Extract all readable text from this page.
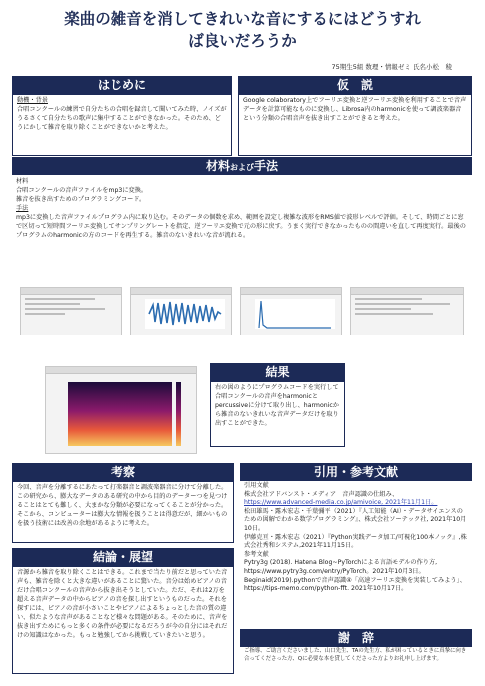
楽曲の雑音を消してきれいな音にするにはどうすれ
ば良いだろうか
75期生5組 数理・情報ゼミ 氏名小松　稜
はじめに
動機・背景
合唱コンクールの練習で自分たちの合唱を録音して聞いてみた時、ノイズがうるさくて自分たちの歌声に集中することができなかった。そのため、どうにかして雑音を取り除くことができないかと考えた。
仮　説
Google colaboratory上でフーリエ変換と逆フーリエ変換を利用することで音声データを計算可能なものに変換し、Librosa内のharmonicを使って調波楽器音という分類の合唱音声を抜き出すことができると考えた。
材料および手法
材料
合唱コンクールの音声ファイルをmp3に変換。
雑音を抜き出すためのプログラミングコード。
手法
mp3に変換した音声ファイルプログラム内に取り込む。そのデータの個数を求め、範囲を設定し複雑な波形をRMS値で波形レベルで評価。そして、時間ごとに窓で区切って短時間フーリエ変換してサンプリングレートを指定、逆フーリエ変換で元の形に戻す。うまく実行できなかったものの間違いを直して再度実行。最後のプログラムのharmonicの方のコードを再生する。雑音のないきれいな音が流れる。
結果
右の図のようにプログラムコードを実行して合唱コンクールの音声をharmonicとpercussiveに分けて取り出し、harmonicから雑音のないきれいな音声データだけを取り出すことができた。
考察
今回、音声を分離するにあたって打楽器音と調波楽器音に分けて分離した。この研究から、膨大なデータのある研究の中から目的のデーターつを見つけることはとても難しく、大まかな分類が必要になってくることが分かった。そこから、コンピューターは膨大な情報を扱うことは得意だが、細かいものを扱う技術には改善の余地があるように考えた。
結論・展望
音源から雑音を取り除くことはできる。これまで当たり前だと思っていた音声も、雑音を除くと大きな違いがあることに驚いた。音分は始めピアノの音だけ合唱コンクールの音声から抜き出そうとしていた。ただ、それは2万を超える音声データの中からピアノの音を探し出すというものだった。それを探すには、ピアノの音が小さいことやピアノによるちょっとした音の質の違い、似たような音声があることなど様々な問題がある。そのために、音声を抜き出すためにもっと多くの条件が必要になるだろうが今の自分にはそれだけの知識はなかった。もっと勉強してから挑戦していきたいと思う。
引用・参考文献
引用文献
株式会社アドバンスト・メディア　音声認識の仕組み、
https://www.advanced-media.co.jp/amivoice, 2021年11月1日。
松田雄馬・露木宏志・千葉彌平（2021）『人工知能（AI）・データサイエンスのための図解でわかる数学プログラミング』、株式会社ソーテック社, 2021年10月10日。
伊藤克亘・露木宏志（2021）『Python実践データ加工/可視化100本ノック』,株式会社秀和システム,2021年11月15日。
参考文献
Pytry3g (2018). Hatena Blog~PyTorchによる言語モデルの作り方, https://www.pytry3g.com/entry/PyTorch。2021年10月3日。
Beginaid(2019).pythonで音声認識④「高速フーリエ変換を実装してみよう」、https://tips-memo.com/python-fft. 2021年10月17日。
謝　辞
ご指導、ご助言くださいました、山口先生、TAの先生方、私が困っているときに真摯に向き合ってくださった方、Qに必要な本を貸してくださった方よりお礼申し上げます。
